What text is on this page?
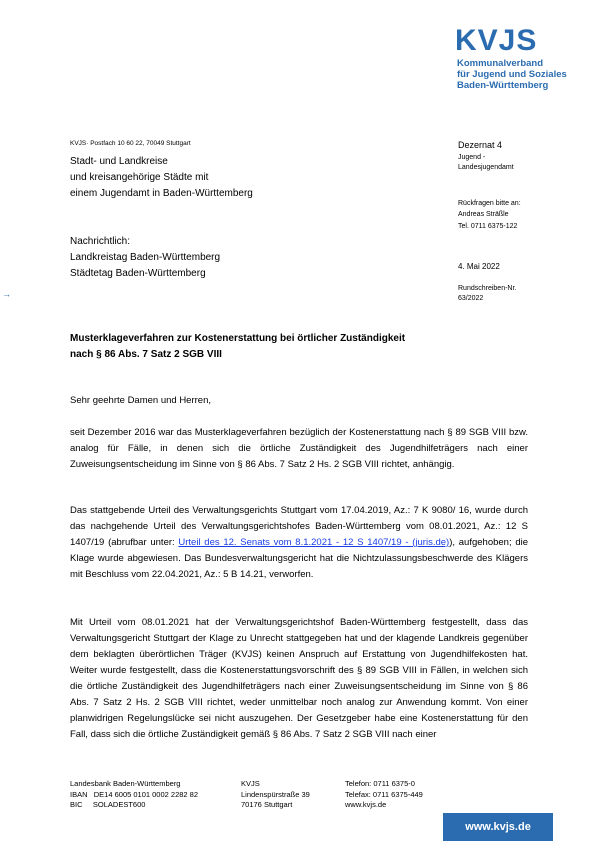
KVJS
Kommunalverband
für Jugend und Soziales
Baden-Württemberg
KVJS· Postfach 10 60 22, 70049 Stuttgart
Stadt- und Landkreise
und kreisangehörige Städte mit
einem Jugendamt in Baden-Württemberg
Nachrichtlich:
Landkreistag Baden-Württemberg
Städtetag Baden-Württemberg
Dezernat 4
Jugend -
Landesjugendamt
Rückfragen bitte an:
Andreas Sträßle
Tel. 0711 6375-122
4. Mai 2022
Rundschreiben-Nr.
63/2022
→
Musterklageverfahren zur Kostenerstattung bei örtlicher Zuständigkeit
nach § 86 Abs. 7 Satz 2 SGB VIII
Sehr geehrte Damen und Herren,

seit Dezember 2016 war das Musterklageverfahren bezüglich der Kostenerstattung nach § 89 SGB VIII bzw. analog für Fälle, in denen sich die örtliche Zuständigkeit des Jugendhilfeträgers nach einer Zuweisungsentscheidung im Sinne von § 86 Abs. 7 Satz 2 Hs. 2 SGB VIII richtet, anhängig.

Das stattgebende Urteil des Verwaltungsgerichts Stuttgart vom 17.04.2019, Az.: 7 K 9080/ 16, wurde durch das nachgehende Urteil des Verwaltungsgerichtshofes Baden-Württemberg vom 08.01.2021, Az.: 12 S 1407/19 (abrufbar unter: Urteil des 12. Senats vom 8.1.2021 - 12 S 1407/19 - (juris.de)), aufgehoben; die Klage wurde abgewiesen. Das Bundesverwaltungsgericht hat die Nichtzulassungsbeschwerde des Klägers mit Beschluss vom 22.04.2021, Az.: 5 B 14.21, verworfen.

Mit Urteil vom 08.01.2021 hat der Verwaltungsgerichtshof Baden-Württemberg festgestellt, dass das Verwaltungsgericht Stuttgart der Klage zu Unrecht stattgegeben hat und der klagende Landkreis gegenüber dem beklagten überörtlichen Träger (KVJS) keinen Anspruch auf Erstattung von Jugendhilfekosten hat. Weiter wurde festgestellt, dass die Kostenerstattungsvorschrift des § 89 SGB VIII in Fällen, in welchen sich die örtliche Zuständigkeit des Jugendhilfeträgers nach einer Zuweisungsentscheidung im Sinne von § 86 Abs. 7 Satz 2 Hs. 2 SGB VIII richtet, weder unmittelbar noch analog zur Anwendung kommt. Von einer planwidrigen Regelungslücke sei nicht auszugehen. Der Gesetzgeber habe eine Kostenerstattung für den Fall, dass sich die örtliche Zuständigkeit gemäß § 86 Abs. 7 Satz 2 SGB VIII nach einer

Landesbank Baden-Württemberg
IBAN   DE14 6005 0101 0002 2282 82
BIC     SOLADEST600
KVJS
Lindenspürstraße 39
70176 Stuttgart
Telefon: 0711 6375-0
Telefax: 0711 6375-449
www.kvjs.de
www.kvjs.de
